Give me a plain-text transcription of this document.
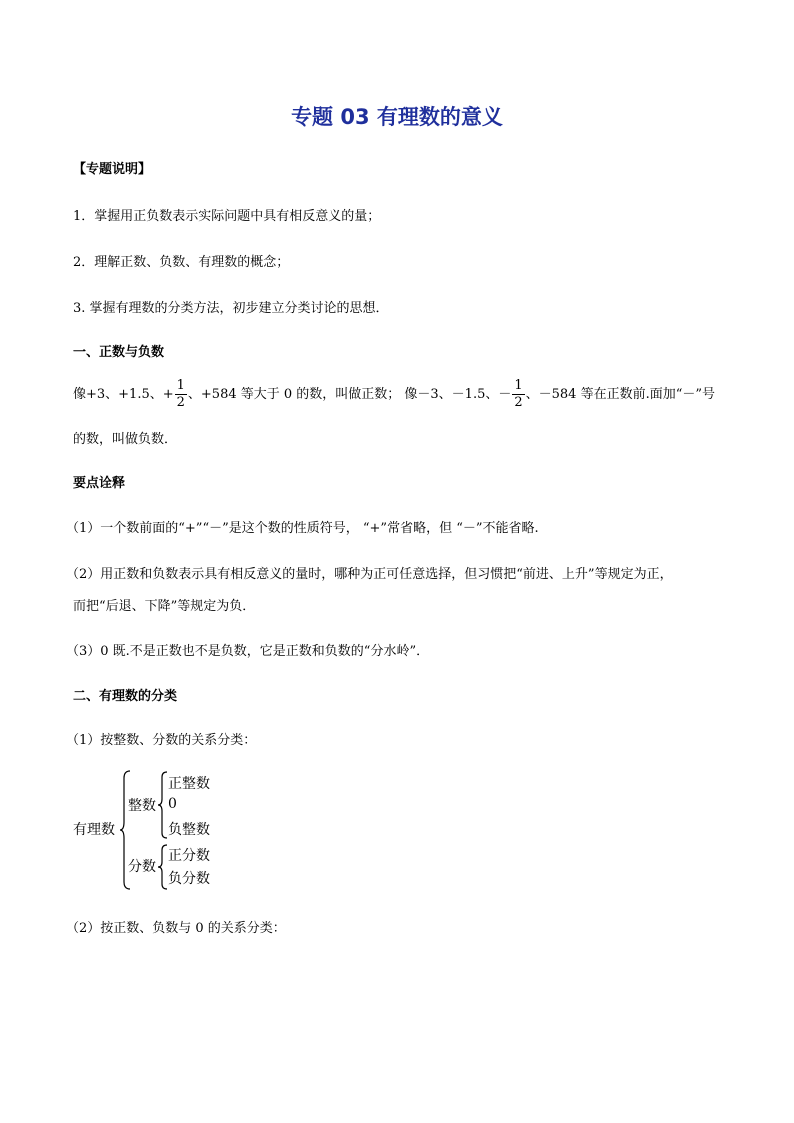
专题 03 有理数的意义
【专题说明】
1．掌握用正负数表示实际问题中具有相反意义的量；
2．理解正数、负数、有理数的概念；
3. 掌握有理数的分类方法，初步建立分类讨论的思想．
一、正数与负数
像+3、+1.5、+ $\frac{1}{2}$ 、+584 等大于 0 的数，叫做正数； 像－3、－1.5、－ $\frac{1}{2}$ 、－584 等在正数前.面加“－”号
的数，叫做负数．
要点诠释
（1）一个数前面的“+”“－”是这个数的性质符号， “+”常省略，但 “－”不能省略.
（2）用正数和负数表示具有相反意义的量时，哪种为正可任意选择，但习惯把“前进、上升”等规定为正，
而把“后退、下降”等规定为负．
（3）0 既.不是正数也不是负数，它是正数和负数的“分水岭”．
二、有理数的分类
（1）按整数、分数的关系分类：
有理数
整数
正整数
0
负整数
分数
正分数
负分数
（2）按正数、负数与 0 的关系分类：
